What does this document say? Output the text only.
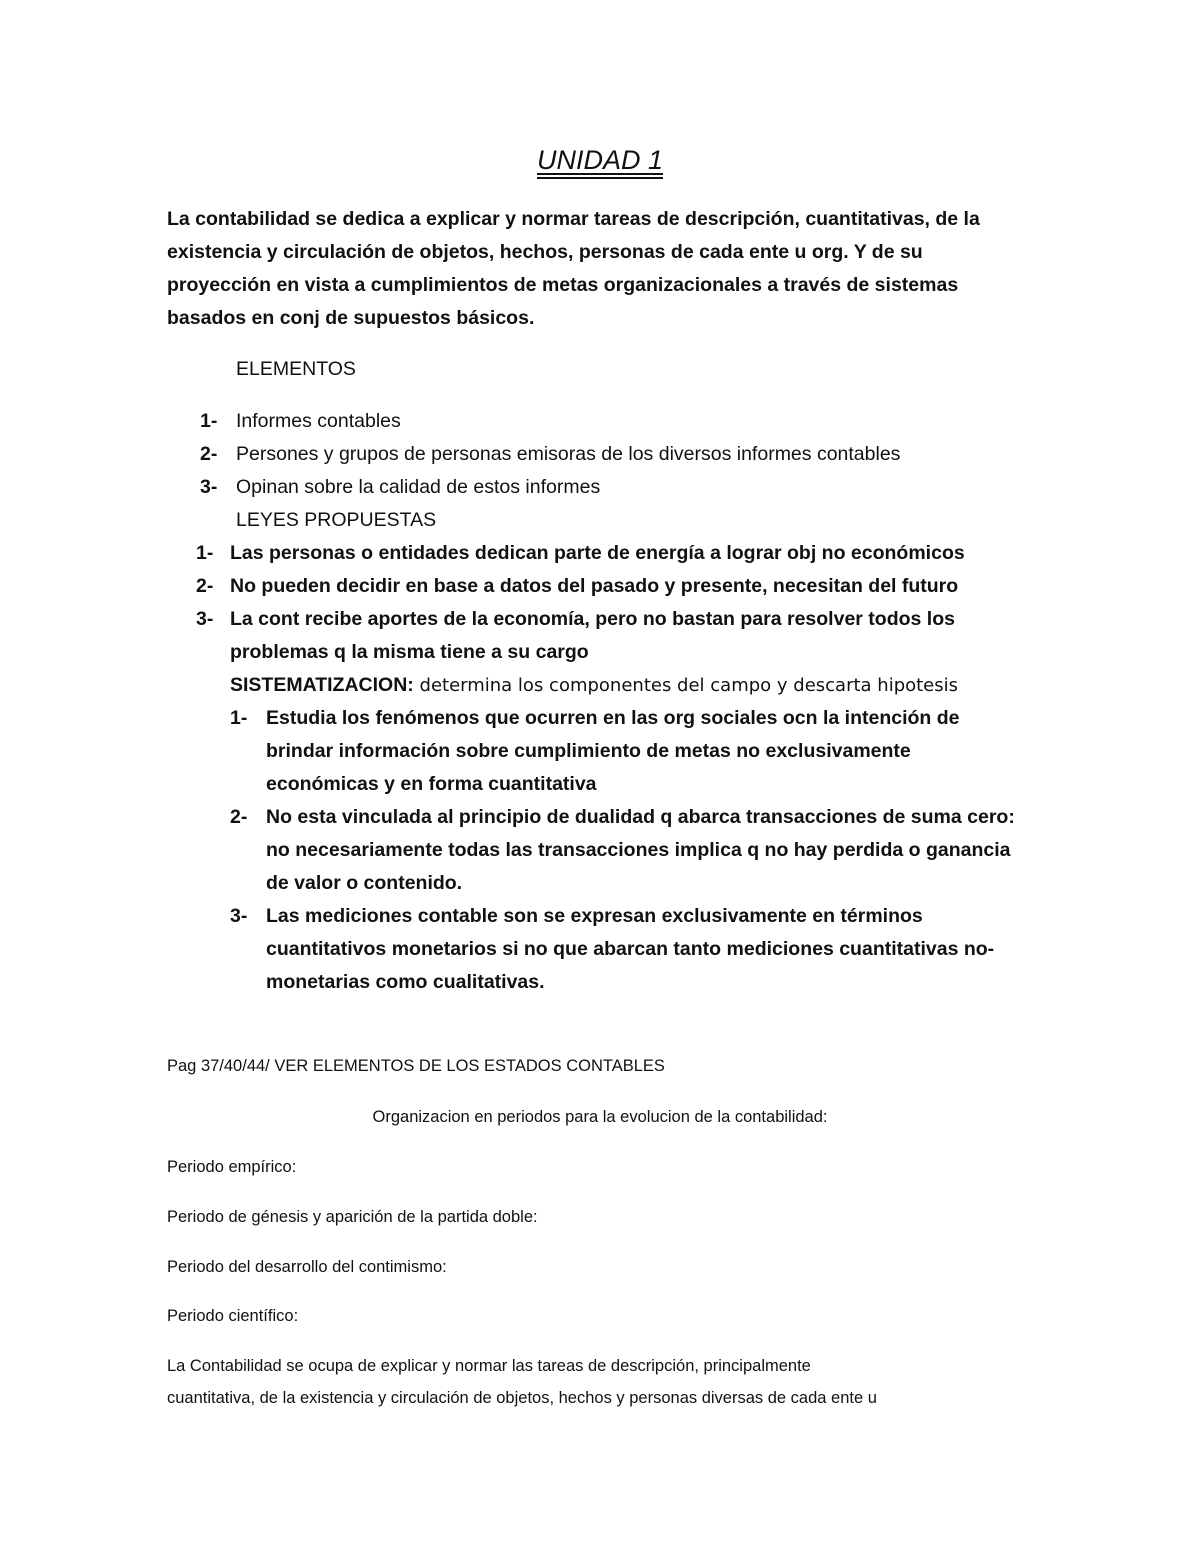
UNIDAD 1
La contabilidad se dedica a explicar y normar tareas de descripción, cuantitativas, de la
existencia y circulación de objetos, hechos, personas de cada ente u org. Y de su
proyección en vista a cumplimientos de metas organizacionales a través de sistemas
basados en conj de supuestos básicos.
ELEMENTOS
1- Informes contables
2- Persones y grupos de personas emisoras de los diversos informes contables
3- Opinan sobre la calidad de estos informes
LEYES PROPUESTAS
1- Las personas o entidades dedican parte de energía a lograr obj no económicos
2- No pueden decidir en base a datos del pasado y presente, necesitan del futuro
3- La cont recibe aportes de la economía, pero no bastan para resolver todos los
problemas q la misma tiene a su cargo
SISTEMATIZACION: determina los componentes del campo y descarta hipotesis
1- Estudia los fenómenos que ocurren en las org sociales ocn la intención de
brindar información sobre cumplimiento de metas no exclusivamente
económicas y en forma cuantitativa
2- No esta vinculada al principio de dualidad q abarca transacciones de suma cero:
no necesariamente todas las transacciones implica q no hay perdida o ganancia
de valor o contenido.
3- Las mediciones contable son se expresan exclusivamente en términos
cuantitativos monetarios si no que abarcan tanto mediciones cuantitativas no-
monetarias como cualitativas.
Pag 37/40/44/ VER ELEMENTOS DE LOS ESTADOS CONTABLES
Organizacion en periodos para la evolucion de la contabilidad:
Periodo empírico:
Periodo de génesis y aparición de la partida doble:
Periodo del desarrollo del contimismo:
Periodo científico:
La Contabilidad se ocupa de explicar y normar las tareas de descripción, principalmente
cuantitativa, de la existencia y circulación de objetos, hechos y personas diversas de cada ente u
